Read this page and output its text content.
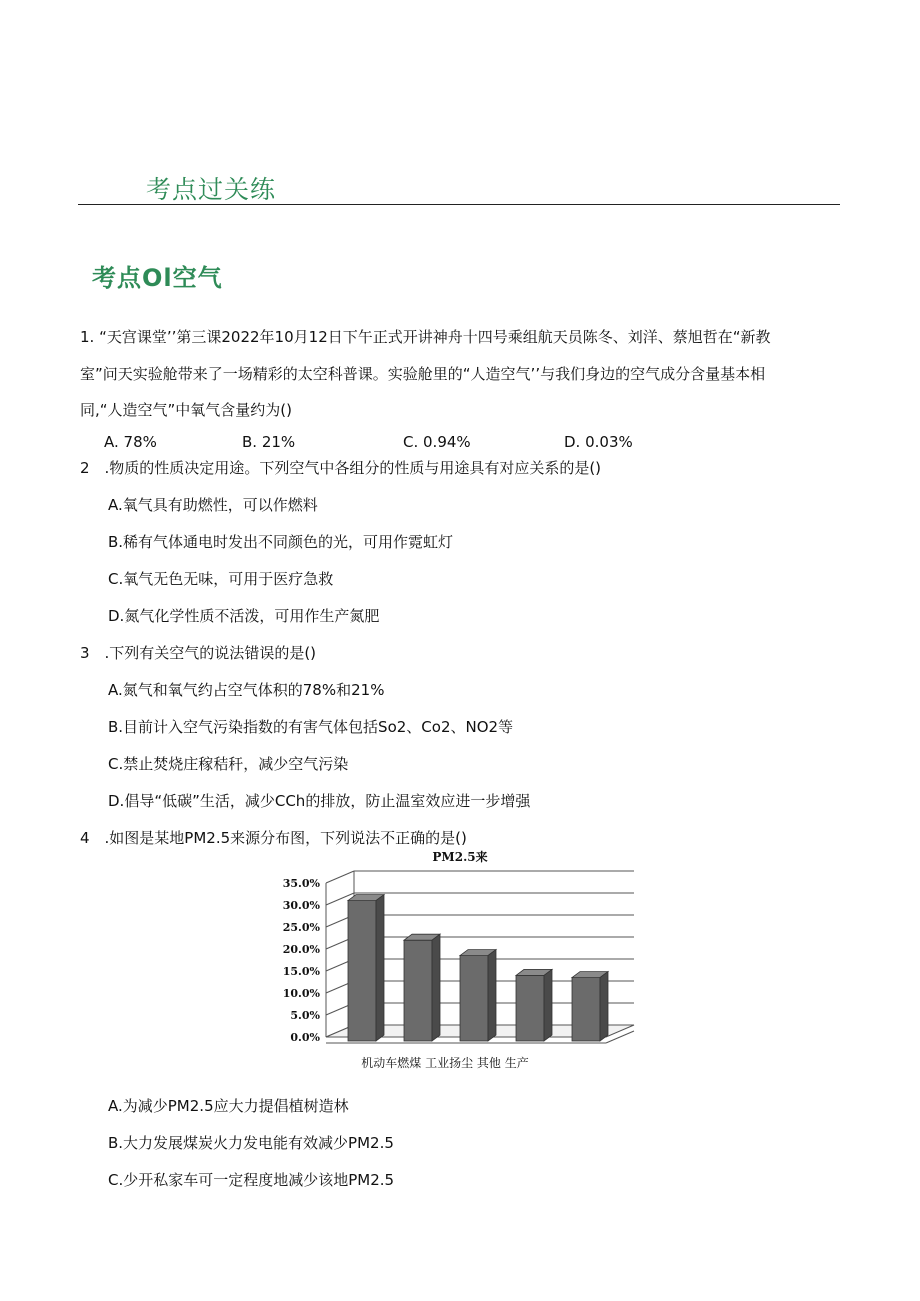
考点过关练
考点Ol空气
1. “天宫课堂’’第三课2022年10月12日下午正式开讲神舟十四号乘组航天员陈冬、刘洋、蔡旭哲在“新教
室”问天实验舱带来了一场精彩的太空科普课。实验舱里的“人造空气’’与我们身边的空气成分含量基本相
同,“人造空气”中氧气含量约为()
A. 78%	B. 21%	C. 0.94%	D. 0.03%
2　.物质的性质决定用途。下列空气中各组分的性质与用途具有对应关系的是()
A.氧气具有助燃性，可以作燃料
B.稀有气体通电时发出不同颜色的光，可用作霓虹灯
C.氧气无色无味，可用于医疗急救
D.氮气化学性质不活泼，可用作生产氮肥
3　.下列有关空气的说法错误的是()
A.氮气和氧气约占空气体积的78%和21%
B.目前计入空气污染指数的有害气体包括So2、Co2、NO2等
C.禁止焚烧庄稼秸秆，减少空气污染
D.倡导“低碳”生活，减少CCh的排放，防止温室效应进一步增强
4　.如图是某地PM2.5来源分布图，下列说法不正确的是()
PM2.5来
35.0%
30.0%
25.0%
20.0%
15.0%
10.0%
5.0%
0.0%
机动车燃煤 工业扬尘 其他 生产
A.为减少PM2.5应大力提倡植树造林
B.大力发展煤炭火力发电能有效减少PM2.5
C.少开私家车可一定程度地减少该地PM2.5
